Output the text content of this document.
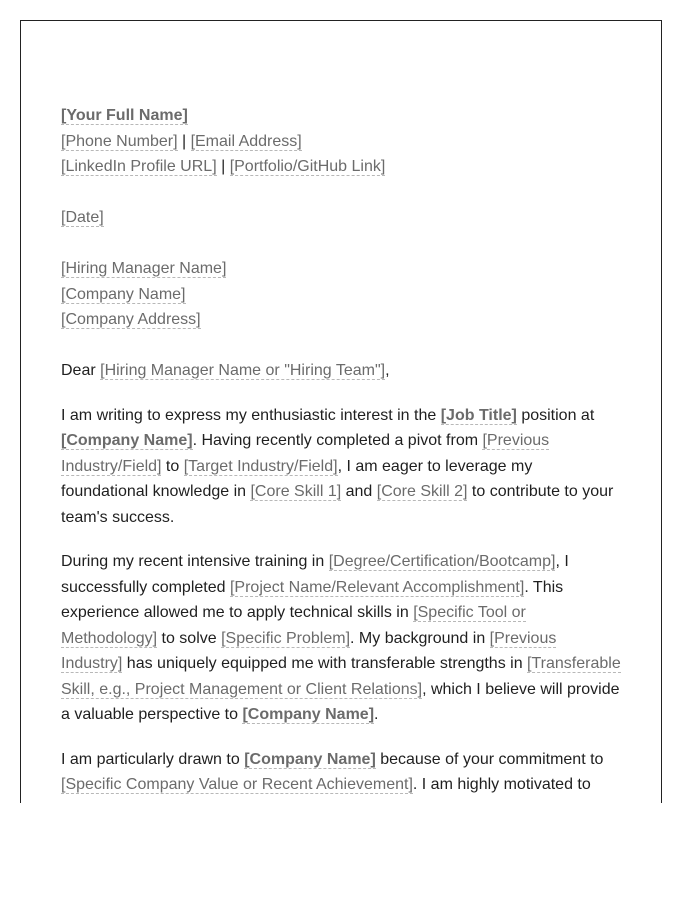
[Your Full Name]
[Phone Number] | [Email Address]
[LinkedIn Profile URL] | [Portfolio/GitHub Link]
[Date]
[Hiring Manager Name]
[Company Name]
[Company Address]
Dear [Hiring Manager Name or "Hiring Team"],
I am writing to express my enthusiastic interest in the [Job Title] position at
[Company Name]. Having recently completed a pivot from [Previous
Industry/Field] to [Target Industry/Field], I am eager to leverage my
foundational knowledge in [Core Skill 1] and [Core Skill 2] to contribute to your
team's success.
During my recent intensive training in [Degree/Certification/Bootcamp], I
successfully completed [Project Name/Relevant Accomplishment]. This
experience allowed me to apply technical skills in [Specific Tool or
Methodology] to solve [Specific Problem]. My background in [Previous
Industry] has uniquely equipped me with transferable strengths in [Transferable
Skill, e.g., Project Management or Client Relations], which I believe will provide
a valuable perspective to [Company Name].
I am particularly drawn to [Company Name] because of your commitment to
[Specific Company Value or Recent Achievement]. I am highly motivated to
